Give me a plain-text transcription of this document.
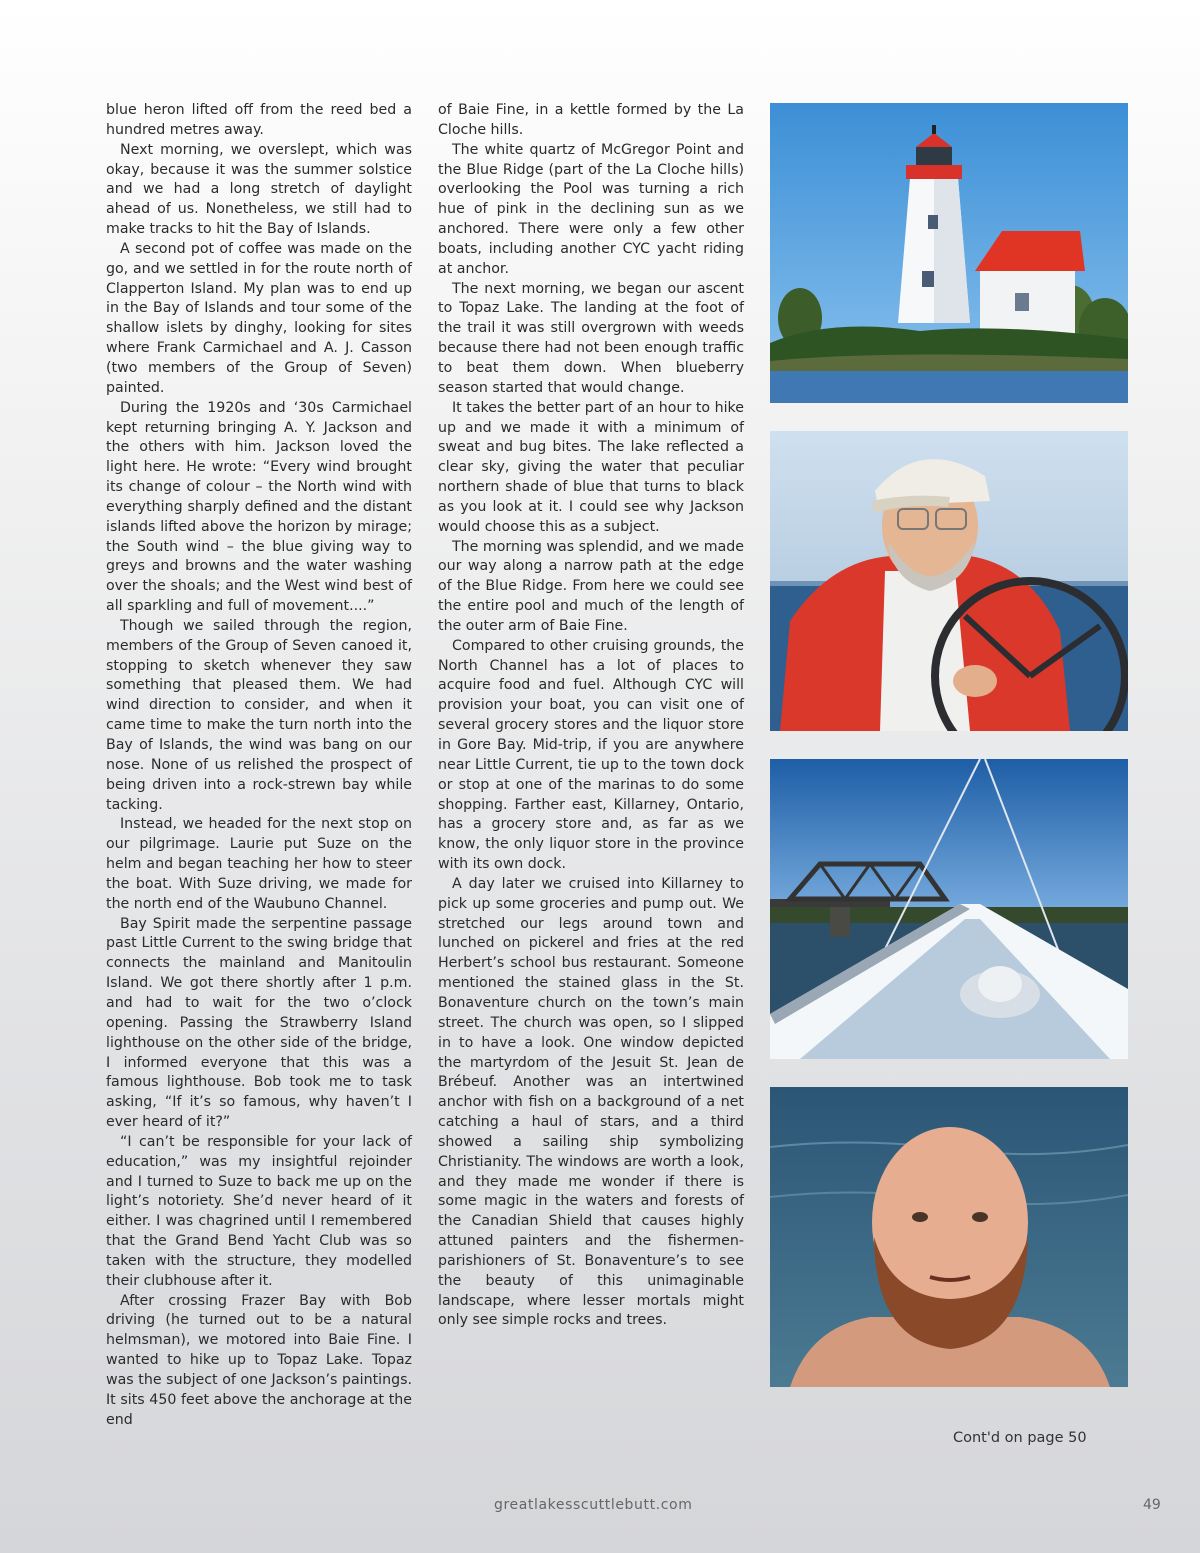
blue heron lifted off from the reed bed a hundred metres away.

Next morning, we overslept, which was okay, because it was the summer solstice and we had a long stretch of daylight ahead of us. Nonetheless, we still had to make tracks to hit the Bay of Islands.

A second pot of coffee was made on the go, and we settled in for the route north of Clapperton Island. My plan was to end up in the Bay of Islands and tour some of the shallow islets by dinghy, looking for sites where Frank Carmichael and A. J. Casson (two members of the Group of Seven) painted.

During the 1920s and ‘30s Carmichael kept returning bringing A. Y. Jackson and the others with him. Jackson loved the light here. He wrote: “Every wind brought its change of colour – the North wind with everything sharply defined and the distant islands lifted above the horizon by mirage; the South wind – the blue giving way to greys and browns and the water washing over the shoals; and the West wind best of all sparkling and full of movement....”

Though we sailed through the region, members of the Group of Seven canoed it, stopping to sketch whenever they saw something that pleased them. We had wind direction to consider, and when it came time to make the turn north into the Bay of Islands, the wind was bang on our nose. None of us relished the prospect of being driven into a rock-strewn bay while tacking.

Instead, we headed for the next stop on our pilgrimage. Laurie put Suze on the helm and began teaching her how to steer the boat. With Suze driving, we made for the north end of the Waubuno Channel.

Bay Spirit made the serpentine passage past Little Current to the swing bridge that connects the mainland and Manitoulin Island. We got there shortly after 1 p.m. and had to wait for the two o’clock opening. Passing the Strawberry Island lighthouse on the other side of the bridge, I informed everyone that this was a famous lighthouse. Bob took me to task asking, “If it’s so famous, why haven’t I ever heard of it?”

“I can’t be responsible for your lack of education,” was my insightful rejoinder and I turned to Suze to back me up on the light’s notoriety. She’d never heard of it either. I was chagrined until I remembered that the Grand Bend Yacht Club was so taken with the structure, they modelled their clubhouse after it.

After crossing Frazer Bay with Bob driving (he turned out to be a natural helmsman), we motored into Baie Fine. I wanted to hike up to Topaz Lake. Topaz was the subject of one Jackson’s paintings. It sits 450 feet above the anchorage at the end

of Baie Fine, in a kettle formed by the La Cloche hills.

The white quartz of McGregor Point and the Blue Ridge (part of the La Cloche hills) overlooking the Pool was turning a rich hue of pink in the declining sun as we anchored. There were only a few other boats, including another CYC yacht riding at anchor.

The next morning, we began our ascent to Topaz Lake. The landing at the foot of the trail it was still overgrown with weeds because there had not been enough traffic to beat them down. When blueberry season started that would change.

It takes the better part of an hour to hike up and we made it with a minimum of sweat and bug bites. The lake reflected a clear sky, giving the water that peculiar northern shade of blue that turns to black as you look at it. I could see why Jackson would choose this as a subject.

The morning was splendid, and we made our way along a narrow path at the edge of the Blue Ridge. From here we could see the entire pool and much of the length of the outer arm of Baie Fine.

Compared to other cruising grounds, the North Channel has a lot of places to acquire food and fuel. Although CYC will provision your boat, you can visit one of several grocery stores and the liquor store in Gore Bay. Mid-trip, if you are anywhere near Little Current, tie up to the town dock or stop at one of the marinas to do some shopping. Farther east, Killarney, Ontario, has a grocery store and, as far as we know, the only liquor store in the province with its own dock.

A day later we cruised into Killarney to pick up some groceries and pump out. We stretched our legs around town and lunched on pickerel and fries at the red Herbert’s school bus restaurant. Someone mentioned the stained glass in the St. Bonaventure church on the town’s main street. The church was open, so I slipped in to have a look. One window depicted the martyrdom of the Jesuit St. Jean de Brébeuf. Another was an intertwined anchor with fish on a background of a net catching a haul of stars, and a third showed a sailing ship symbolizing Christianity. The windows are worth a look, and they made me wonder if there is some magic in the waters and forests of the Canadian Shield that causes highly attuned painters and the fishermen-parishioners of St. Bonaventure’s to see the beauty of this unimaginable landscape, where lesser mortals might only see simple rocks and trees.

Cont'd on page 50
greatlakesscuttlebutt.com	49
